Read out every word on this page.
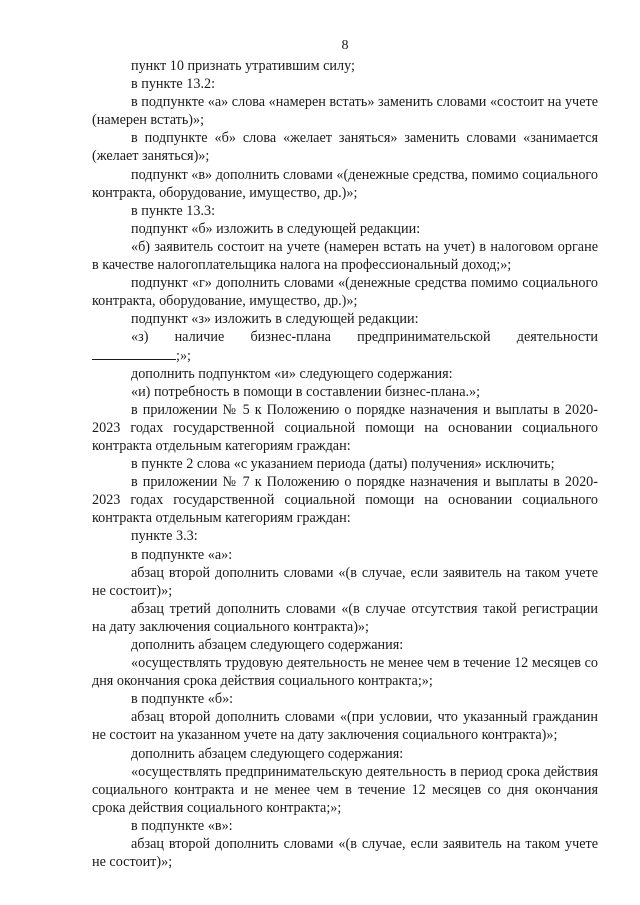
8

пункт 10 признать утратившим силу;

в пункте 13.2:

в подпункте «а» слова «намерен встать» заменить словами «состоит на учете (намерен встать)»;

в подпункте «б» слова «желает заняться» заменить словами «занимается (желает заняться)»;

подпункт «в» дополнить словами «(денежные средства, помимо социального контракта, оборудование, имущество, др.)»;

в пункте 13.3:

подпункт «б» изложить в следующей редакции:

«б) заявитель состоит на учете (намерен встать на учет) в налоговом органе в качестве налогоплательщика налога на профессиональный доход;»;

подпункт «г» дополнить словами «(денежные средства помимо социального контракта, оборудование, имущество, др.)»;

подпункт «з» изложить в следующей редакции:

«з) наличие бизнес-плана предпринимательской деятельности

;»;

дополнить подпунктом «и» следующего содержания:

«и) потребность в помощи в составлении бизнес-плана.»;

в приложении № 5 к Положению о порядке назначения и выплаты в 2020-2023 годах государственной социальной помощи на основании социального контракта отдельным категориям граждан:

в пункте 2 слова «с указанием периода (даты) получения» исключить;

в приложении № 7 к Положению о порядке назначения и выплаты в 2020-2023 годах государственной социальной помощи на основании социального контракта отдельным категориям граждан:

пункте 3.3:

в подпункте «а»:

абзац второй дополнить словами «(в случае, если заявитель на таком учете не состоит)»;

абзац третий дополнить словами «(в случае отсутствия такой регистрации на дату заключения социального контракта)»;

дополнить абзацем следующего содержания:

«осуществлять трудовую деятельность не менее чем в течение 12 месяцев со дня окончания срока действия социального контракта;»;

в подпункте «б»:

абзац второй дополнить словами «(при условии, что указанный гражданин не состоит на указанном учете на дату заключения социального контракта)»;

дополнить абзацем следующего содержания:

«осуществлять предпринимательскую деятельность в период срока действия социального контракта и не менее чем в течение 12 месяцев со дня окончания срока действия социального контракта;»;

в подпункте «в»:

абзац второй дополнить словами «(в случае, если заявитель на таком учете не состоит)»;
